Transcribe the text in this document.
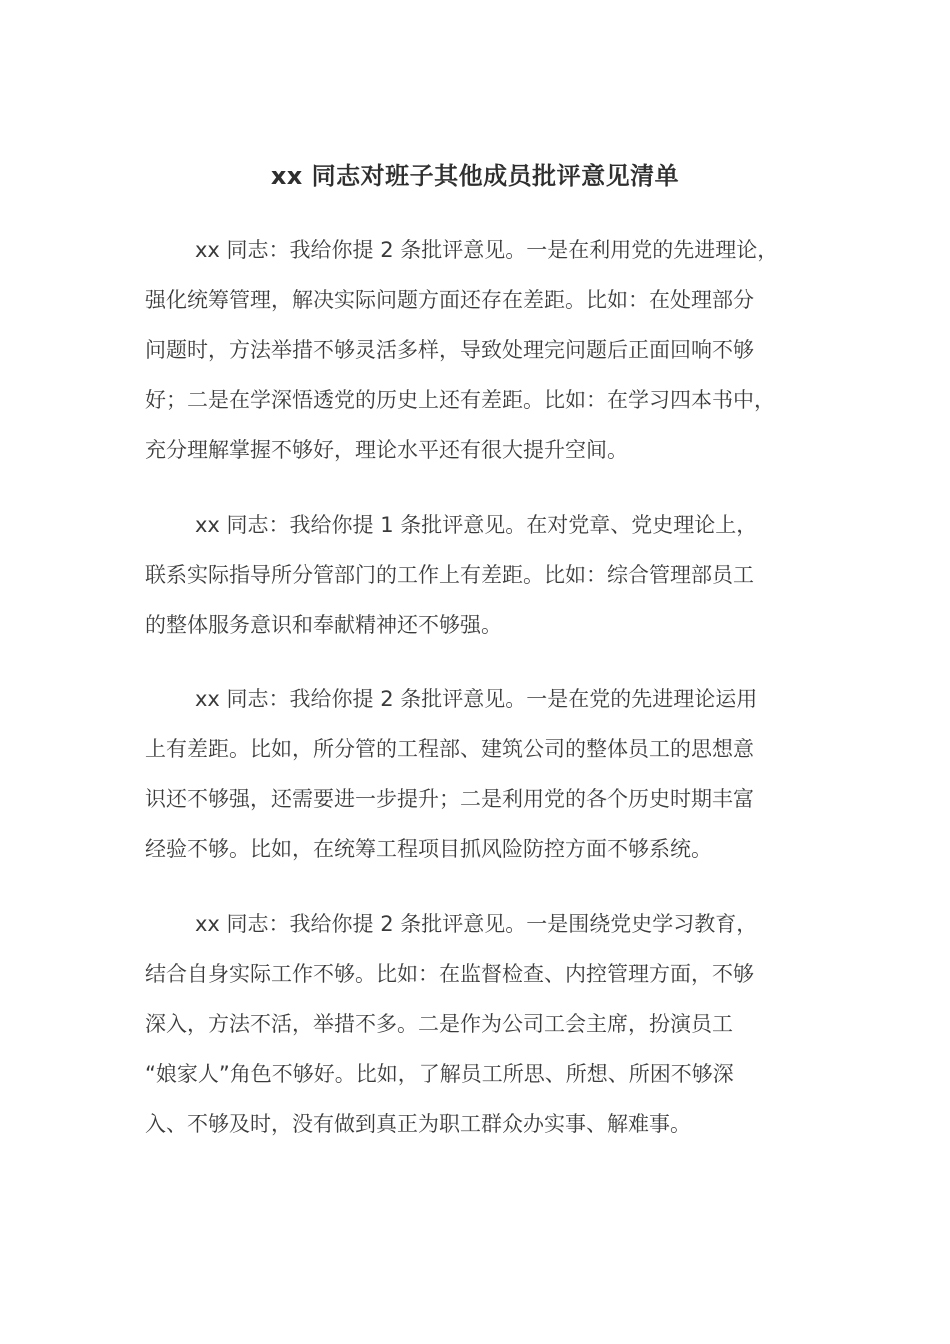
xx 同志对班子其他成员批评意见清单
xx 同志：我给你提 2 条批评意见。一是在利用党的先进理论，
强化统筹管理，解决实际问题方面还存在差距。比如：在处理部分
问题时，方法举措不够灵活多样，导致处理完问题后正面回响不够
好；二是在学深悟透党的历史上还有差距。比如：在学习四本书中，
充分理解掌握不够好，理论水平还有很大提升空间。
xx 同志：我给你提 1 条批评意见。在对党章、党史理论上，
联系实际指导所分管部门的工作上有差距。比如：综合管理部员工
的整体服务意识和奉献精神还不够强。
xx 同志：我给你提 2 条批评意见。一是在党的先进理论运用
上有差距。比如，所分管的工程部、建筑公司的整体员工的思想意
识还不够强，还需要进一步提升；二是利用党的各个历史时期丰富
经验不够。比如，在统筹工程项目抓风险防控方面不够系统。
xx 同志：我给你提 2 条批评意见。一是围绕党史学习教育，
结合自身实际工作不够。比如：在监督检查、内控管理方面，不够
深入，方法不活，举措不多。二是作为公司工会主席，扮演员工
“娘家人”角色不够好。比如，了解员工所思、所想、所困不够深
入、不够及时，没有做到真正为职工群众办实事、解难事。
